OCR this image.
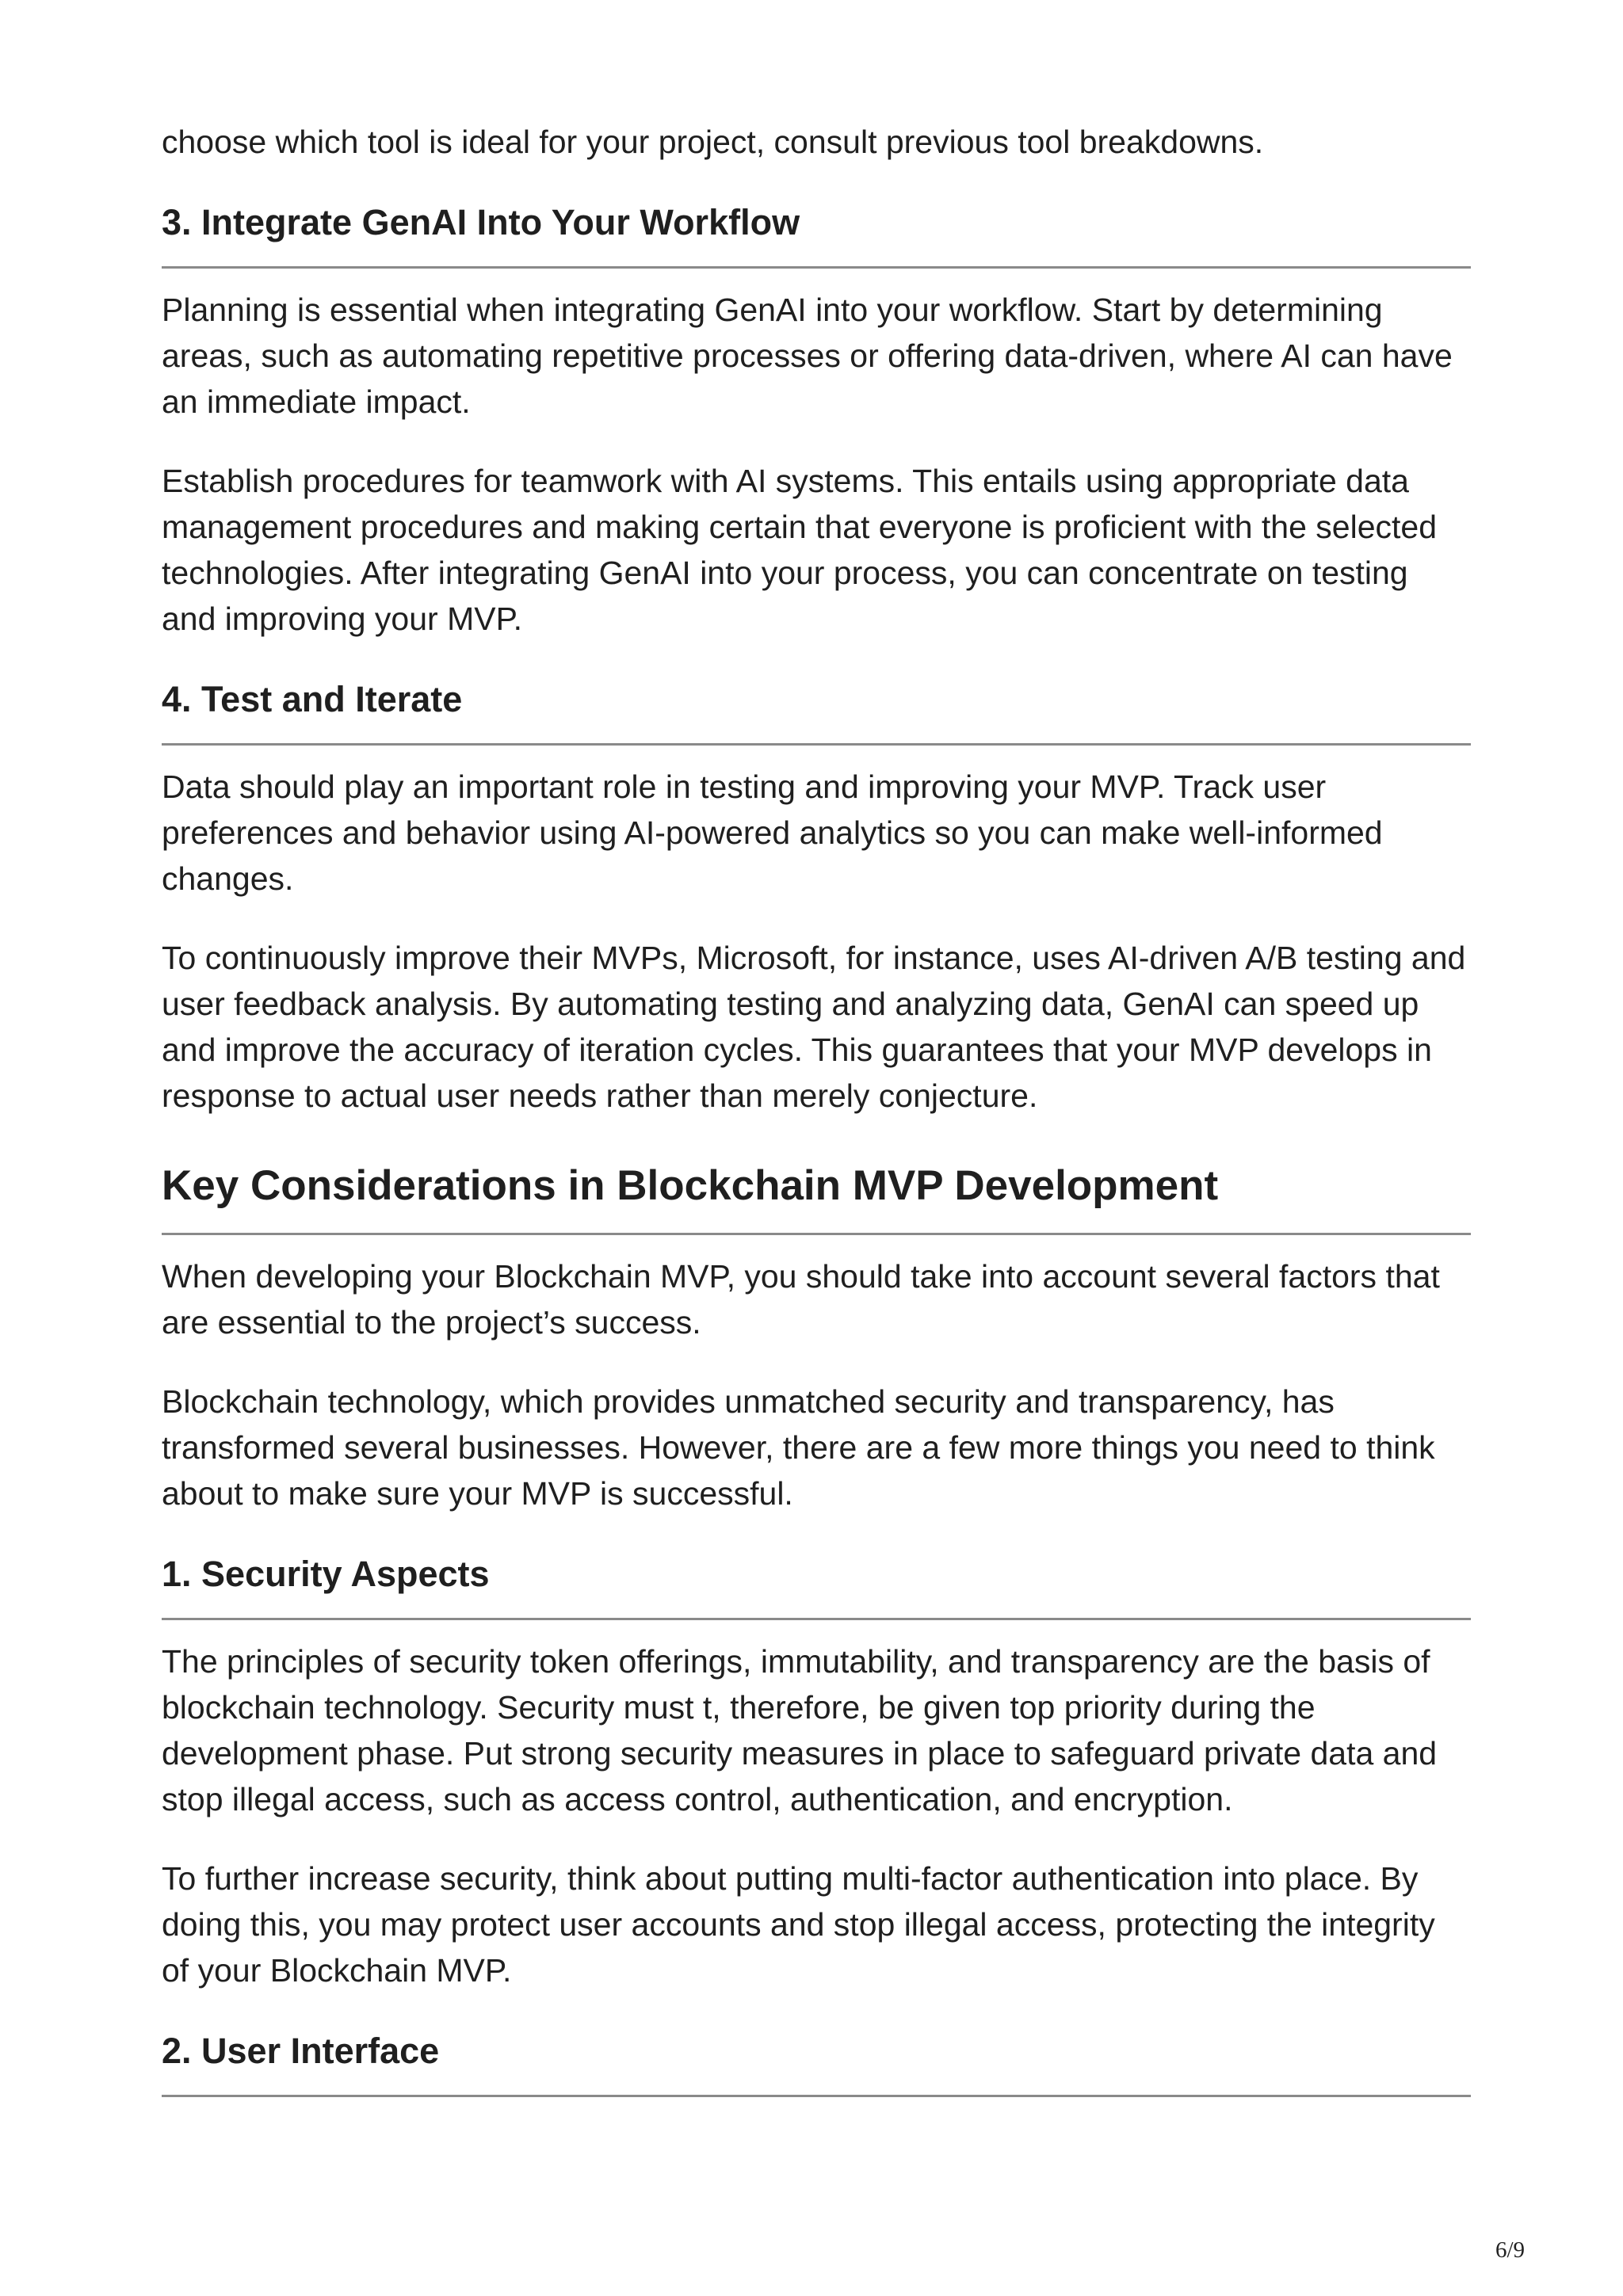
choose which tool is ideal for your project, consult previous tool breakdowns.

3. Integrate GenAI Into Your Workflow

Planning is essential when integrating GenAI into your workflow. Start by determining areas, such as automating repetitive processes or offering data-driven, where AI can have an immediate impact.

Establish procedures for teamwork with AI systems. This entails using appropriate data management procedures and making certain that everyone is proficient with the selected technologies. After integrating GenAI into your process, you can concentrate on testing and improving your MVP.

4. Test and Iterate

Data should play an important role in testing and improving your MVP. Track user preferences and behavior using AI-powered analytics so you can make well-informed changes.

To continuously improve their MVPs, Microsoft, for instance, uses AI-driven A/B testing and user feedback analysis. By automating testing and analyzing data, GenAI can speed up and improve the accuracy of iteration cycles. This guarantees that your MVP develops in response to actual user needs rather than merely conjecture.

Key Considerations in Blockchain MVP Development

When developing your Blockchain MVP, you should take into account several factors that are essential to the project’s success.

Blockchain technology, which provides unmatched security and transparency, has transformed several businesses. However, there are a few more things you need to think about to make sure your MVP is successful.

1. Security Aspects

The principles of security token offerings, immutability, and transparency are the basis of blockchain technology. Security must t, therefore, be given top priority during the development phase. Put strong security measures in place to safeguard private data and stop illegal access, such as access control, authentication, and encryption.

To further increase security, think about putting multi-factor authentication into place. By doing this, you may protect user accounts and stop illegal access, protecting the integrity of your Blockchain MVP.

2. User Interface
6/9
